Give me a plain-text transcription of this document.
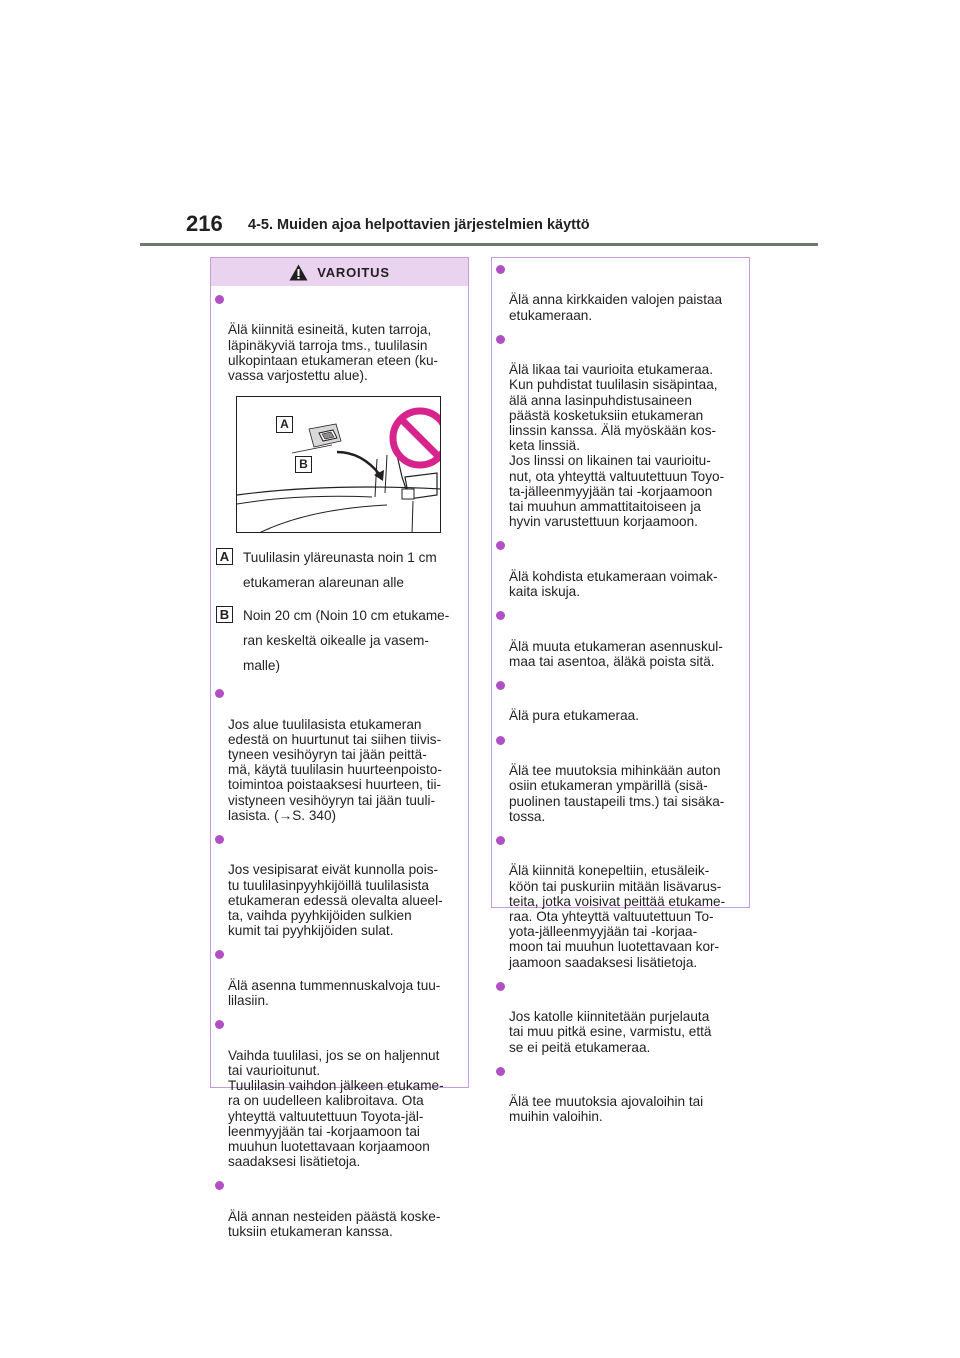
216 4-5. Muiden ajoa helpottavien järjestelmien käyttö
VAROITUS

Älä kiinnitä esineitä, kuten tarroja,
läpinäkyviä tarroja tms., tuulilasin
ulkopintaan etukameran eteen (ku-
vassa varjostettu alue).

A
B
A Tuulilasin yläreunasta noin 1 cm
etukameran alareunan alle
B Noin 20 cm (Noin 10 cm etukame-
ran keskeltä oikealle ja vasem-
malle)

Jos alue tuulilasista etukameran
edestä on huurtunut tai siihen tiivis-
tyneen vesihöyryn tai jään peittä-
mä, käytä tuulilasin huurteenpoisto-
toimintoa poistaaksesi huurteen, tii-
vistyneen vesihöyryn tai jään tuuli-
lasista. (→S. 340)

Jos vesipisarat eivät kunnolla pois-
tu tuulilasinpyyhkijöillä tuulilasista
etukameran edessä olevalta alueel-
ta, vaihda pyyhkijöiden sulkien
kumit tai pyyhkijöiden sulat.

Älä asenna tummennuskalvoja tuu-
lilasiin.

Vaihda tuulilasi, jos se on haljennut
tai vaurioitunut.
Tuulilasin vaihdon jälkeen etukame-
ra on uudelleen kalibroitava. Ota
yhteyttä valtuutettuun Toyota-jäl-
leenmyyjään tai -korjaamoon tai
muuhun luotettavaan korjaamoon
saadaksesi lisätietoja.

Älä annan nesteiden päästä koske-
tuksiin etukameran kanssa.

Älä anna kirkkaiden valojen paistaa
etukameraan.

Älä likaa tai vaurioita etukameraa.
Kun puhdistat tuulilasin sisäpintaa,
älä anna lasinpuhdistusaineen
päästä kosketuksiin etukameran
linssin kanssa. Älä myöskään kos-
keta linssiä.
Jos linssi on likainen tai vaurioitu-
nut, ota yhteyttä valtuutettuun Toyo-
ta-jälleenmyyjään tai -korjaamoon
tai muuhun ammattitaitoiseen ja
hyvin varustettuun korjaamoon.

Älä kohdista etukameraan voimak-
kaita iskuja.

Älä muuta etukameran asennuskul-
maa tai asentoa, äläkä poista sitä.

Älä pura etukameraa.

Älä tee muutoksia mihinkään auton
osiin etukameran ympärillä (sisä-
puolinen taustapeili tms.) tai sisäka-
tossa.

Älä kiinnitä konepeltiin, etusäleik-
köön tai puskuriin mitään lisävarus-
teita, jotka voisivat peittää etukame-
raa. Ota yhteyttä valtuutettuun To-
yota-jälleenmyyjään tai -korjaa-
moon tai muuhun luotettavaan kor-
jaamoon saadaksesi lisätietoja.

Jos katolle kiinnitetään purjelauta
tai muu pitkä esine, varmistu, että
se ei peitä etukameraa.

Älä tee muutoksia ajovaloihin tai
muihin valoihin.
